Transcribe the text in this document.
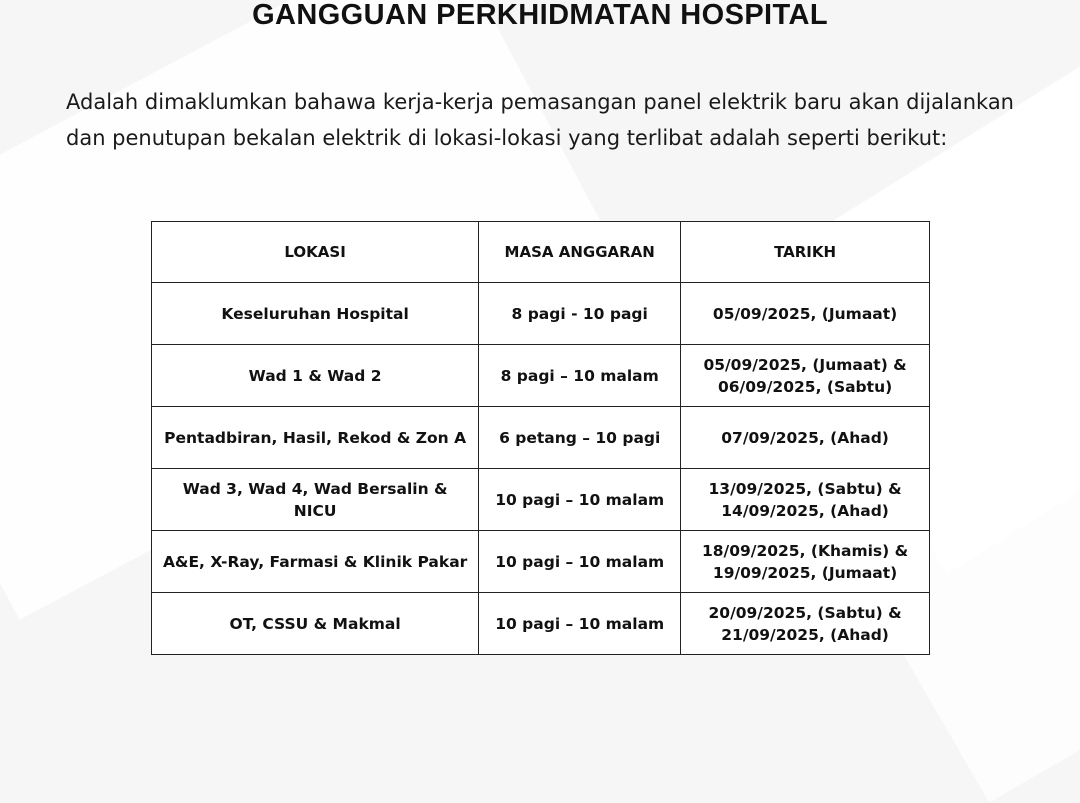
GANGGUAN PERKHIDMATAN HOSPITAL

Adalah dimaklumkan bahawa kerja-kerja pemasangan panel elektrik baru akan dijalankan dan penutupan bekalan elektrik di lokasi-lokasi yang terlibat adalah seperti berikut:

LOKASI	MASA ANGGARAN	TARIKH
Keseluruhan Hospital	8 pagi - 10 pagi	05/09/2025, (Jumaat)

Wad 1 & Wad 2	8 pagi – 10 malam	05/09/2025, (Jumaat) &
06/09/2025, (Sabtu)

Pentadbiran, Hasil, Rekod & Zon A	6 petang – 10 pagi	07/09/2025, (Ahad)

Wad 3, Wad 4, Wad Bersalin & NICU	10 pagi – 10 malam	13/09/2025, (Sabtu) &
14/09/2025, (Ahad)

A&E, X-Ray, Farmasi & Klinik Pakar	10 pagi – 10 malam	18/09/2025, (Khamis) &
19/09/2025, (Jumaat)

OT, CSSU & Makmal	10 pagi – 10 malam	20/09/2025, (Sabtu) &
21/09/2025, (Ahad)
